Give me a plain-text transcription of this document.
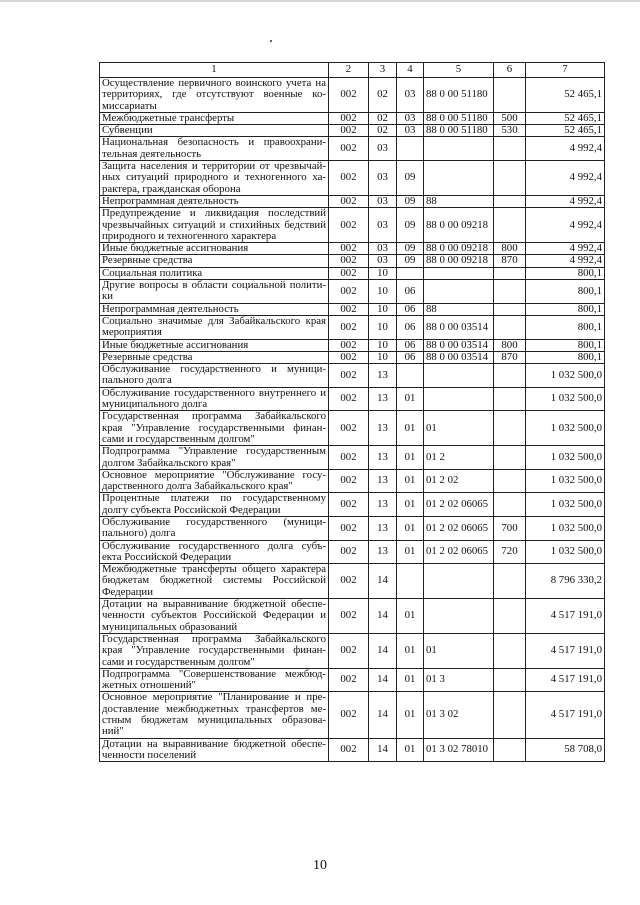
1	2	3	4	5	6	7
Осуществление первичного воинского учета на территориях, где отсутствуют военные ко-миссариаты	002	02	03	88 0 00 51180		52 465,1
Межбюджетные трансферты	002	02	03	88 0 00 51180	500	52 465,1
Субвенции	002	02	03	88 0 00 51180	530	52 465,1
Национальная безопасность и правоохрани-тельная деятельность	002	03				4 992,4
Защита населения и территории от чрезвычай-ных ситуаций природного и техногенного ха-рактера, гражданская оборона	002	03	09			4 992,4
Непрограммная деятельность	002	03	09	88		4 992,4
Предупреждение и ликвидация последствий чрезвычайных ситуаций и стихийных бедствий природного и техногенного характера	002	03	09	88 0 00 09218		4 992,4
Иные бюджетные ассигнования	002	03	09	88 0 00 09218	800	4 992,4
Резервные средства	002	03	09	88 0 00 09218	870	4 992,4
Социальная политика	002	10				800,1
Другие вопросы в области социальной полити-ки	002	10	06			800,1
Непрограммная деятельность	002	10	06	88		800,1
Социально значимые для Забайкальского края мероприятия	002	10	06	88 0 00 03514		800,1
Иные бюджетные ассигнования	002	10	06	88 0 00 03514	800	800,1
Резервные средства	002	10	06	88 0 00 03514	870	800,1
Обслуживание государственного и муници-пального долга	002	13				1 032 500,0
Обслуживание государственного внутреннего и муниципального долга	002	13	01			1 032 500,0
Государственная программа Забайкальского края "Управление государственными финан-сами и государственным долгом"	002	13	01	01		1 032 500,0
Подпрограмма "Управление государственным долгом Забайкальского края"	002	13	01	01 2		1 032 500,0
Основное мероприятие "Обслуживание госу-дарственного долга Забайкальского края"	002	13	01	01 2 02		1 032 500,0
Процентные платежи по государственному долгу субъекта Российской Федерации	002	13	01	01 2 02 06065		1 032 500,0
Обслуживание государственного (муници-пального) долга	002	13	01	01 2 02 06065	700	1 032 500,0
Обслуживание государственного долга субъ-екта Российской Федерации	002	13	01	01 2 02 06065	720	1 032 500,0
Межбюджетные трансферты общего характера бюджетам бюджетной системы Российской Федерации	002	14				8 796 330,2
Дотации на выравнивание бюджетной обеспе-ченности субъектов Российской Федерации и муниципальных образований	002	14	01			4 517 191,0
Государственная программа Забайкальского края "Управление государственными финан-сами и государственным долгом"	002	14	01	01		4 517 191,0
Подпрограмма "Совершенствование межбюд-жетных отношений"	002	14	01	01 3		4 517 191,0
Основное мероприятие "Планирование и пре-доставление межбюджетных трансфертов ме-стным бюджетам муниципальных образова-ний"	002	14	01	01 3 02		4 517 191,0
Дотации на выравнивание бюджетной обеспе-ченности поселений	002	14	01	01 3 02 78010		58 708,0
10
